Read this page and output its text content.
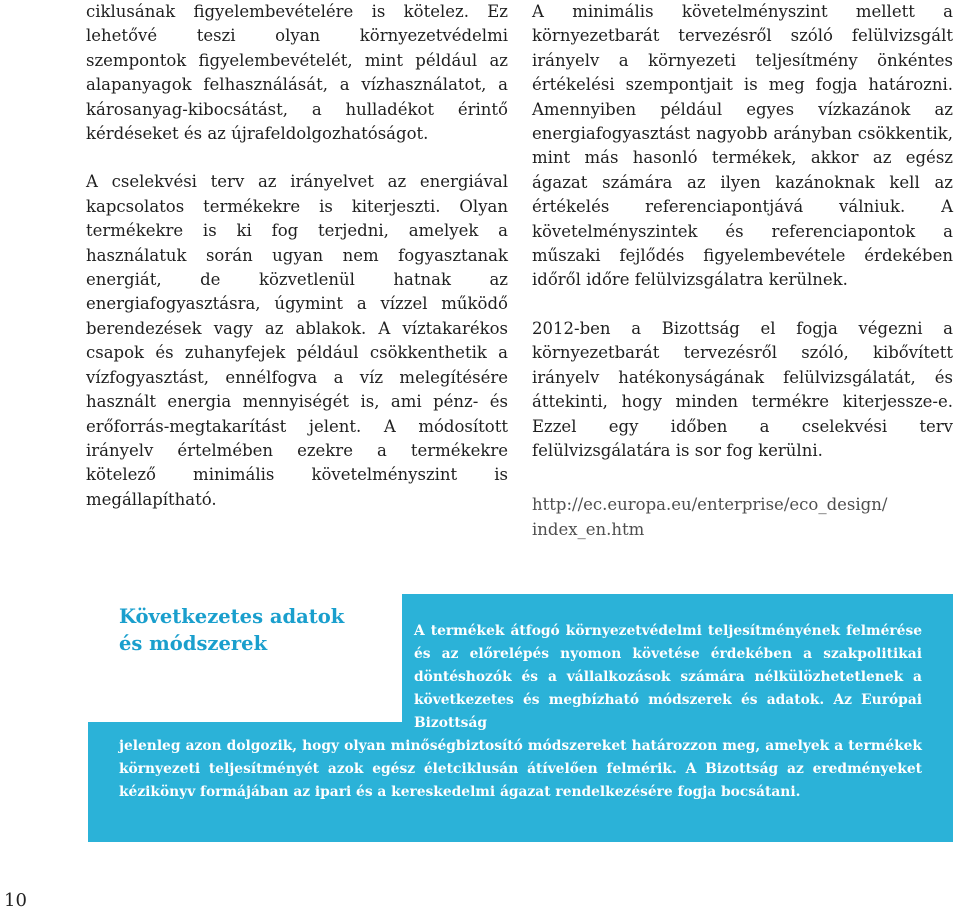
ciklusának figyelembevételére is kötelez. Ez lehetővé teszi olyan környezetvédelmi szempontok figyelembevételét, mint például az alapanyagok felhasználását, a vízhasználatot, a károsanyag-kibocsátást, a hulladékot érintő kérdéseket és az újrafeldolgozhatóságot.

A cselekvési terv az irányelvet az energiával kapcsolatos termékekre is kiterjeszti. Olyan termékekre is ki fog terjedni, amelyek a használatuk során ugyan nem fogyasztanak energiát, de közvetlenül hatnak az energiafogyasztásra, úgymint a vízzel működő berendezések vagy az ablakok. A víztakarékos csapok és zuhanyfejek például csökkenthetik a vízfogyasztást, ennélfogva a víz melegítésére használt energia mennyiségét is, ami pénz- és erőforrás-megtakarítást jelent. A módosított irányelv értelmében ezekre a termékekre kötelező minimális követelményszint is megállapítható.

A minimális követelményszint mellett a környezetbarát tervezésről szóló felülvizsgált irányelv a környezeti teljesítmény önkéntes értékelési szempontjait is meg fogja határozni. Amennyiben például egyes vízkazánok az energiafogyasztást nagyobb arányban csökkentik, mint más hasonló termékek, akkor az egész ágazat számára az ilyen kazánoknak kell az értékelés referenciapontjává válniuk. A követelményszintek és referenciapontok a műszaki fejlődés figyelembevétele érdekében időről időre felülvizsgálatra kerülnek.

2012-ben a Bizottság el fogja végezni a környezetbarát tervezésről szóló, kibővített irányelv hatékonyságának felülvizsgálatát, és áttekinti, hogy minden termékre kiterjessze-e. Ezzel egy időben a cselekvési terv felülvizsgálatára is sor fog kerülni.

http://ec.europa.eu/enterprise/eco_design/
index_en.htm

Következetes adatok
és módszerek

A termékek átfogó környezetvédelmi teljesítményének felmérése és az előrelépés nyomon követése érdekében a szakpolitikai döntéshozók és a vállalkozások számára nélkülözhetetlenek a következetes és megbízható módszerek és adatok. Az Európai Bizottság

jelenleg azon dolgozik, hogy olyan minőségbiztosító módszereket határozzon meg, amelyek a termékek környezeti teljesítményét azok egész életciklusán átívelően felmérik. A Bizottság az eredményeket kézikönyv formájában az ipari és a kereskedelmi ágazat rendelkezésére fogja bocsátani.

10
